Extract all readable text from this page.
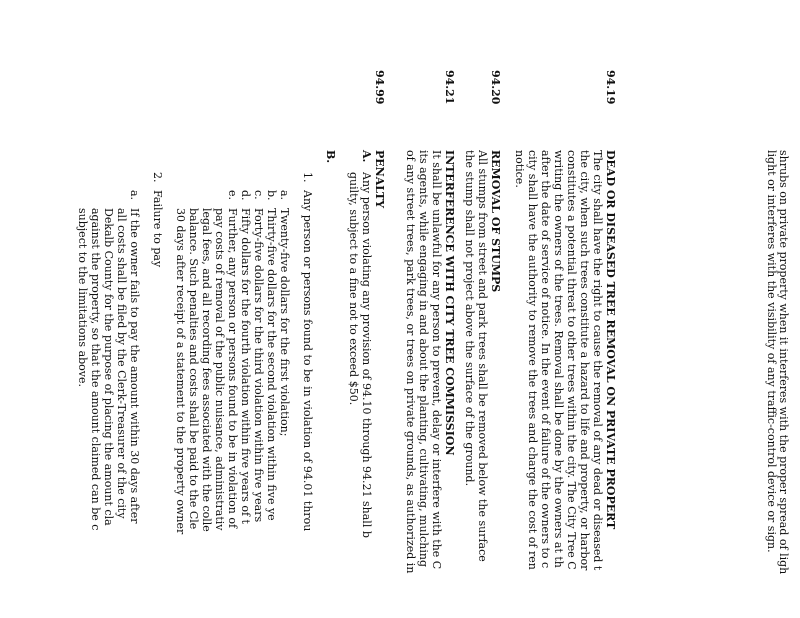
shrubs on private property when it interferes with the proper spread of ligh
light or interferes with the visibility of any traffic-control device or sign.
94.19
DEAD OR DISEASED TREE REMOVAL ON PRIVATE PROPERT
The city shall have the right to cause the removal of any dead or diseased t
the city, when such trees constitute a hazard to life and property, or harbor
constitutes a potential threat to other trees within the city. The City Tree C
writing the owners of the trees. Removal shall be done by the owners at th
after the date of service of notice. In the event of failure of the owners to c
city shall have the authority to remove the trees and charge the cost of ren
notice.
94.20
REMOVAL OF STUMPS
All stumps from street and park trees shall be removed below the surface
the stump shall not project above the surface of the ground.
94.21
INTERFERENCE WITH CITY TREE COMMISSION
It shall be unlawful for any person to prevent, delay or interfere with the C
its agents, while engaging in and about the planting, cultivating, mulching
of any street trees, park trees, or trees on private grounds, as authorized in
94.99
PENALTY
A.
Any person violating any provision of 94.10 through 94.21 shall b
guilty, subject to a fine not to exceed $50.
B.
1.
Any person or persons found to be in violation of 94.01 throu
a.
Twenty-five dollars for the first violation;
b.
Thirty-five dollars for the second violation within five ye
c.
Forty-five dollars for the third violation within five years
d.
Fifty dollars for the fourth violation within five years of t
e.
Further, any person or persons found to be in violation of
pay costs of removal of the public nuisance, administrativ
legal fees, and all recording fees associated with the colle
balance. Such penalties and costs shall be paid to the Cle
30 days after receipt of a statement to the property owner
2.
Failure to pay
a.
If the owner fails to pay the amount within 30 days after
all costs shall be filed by the Clerk-Treasurer of the city
Dekalb County for the purpose of placing the amount cla
against the property, so that the amount claimed can be c
subject to the limitations above.
